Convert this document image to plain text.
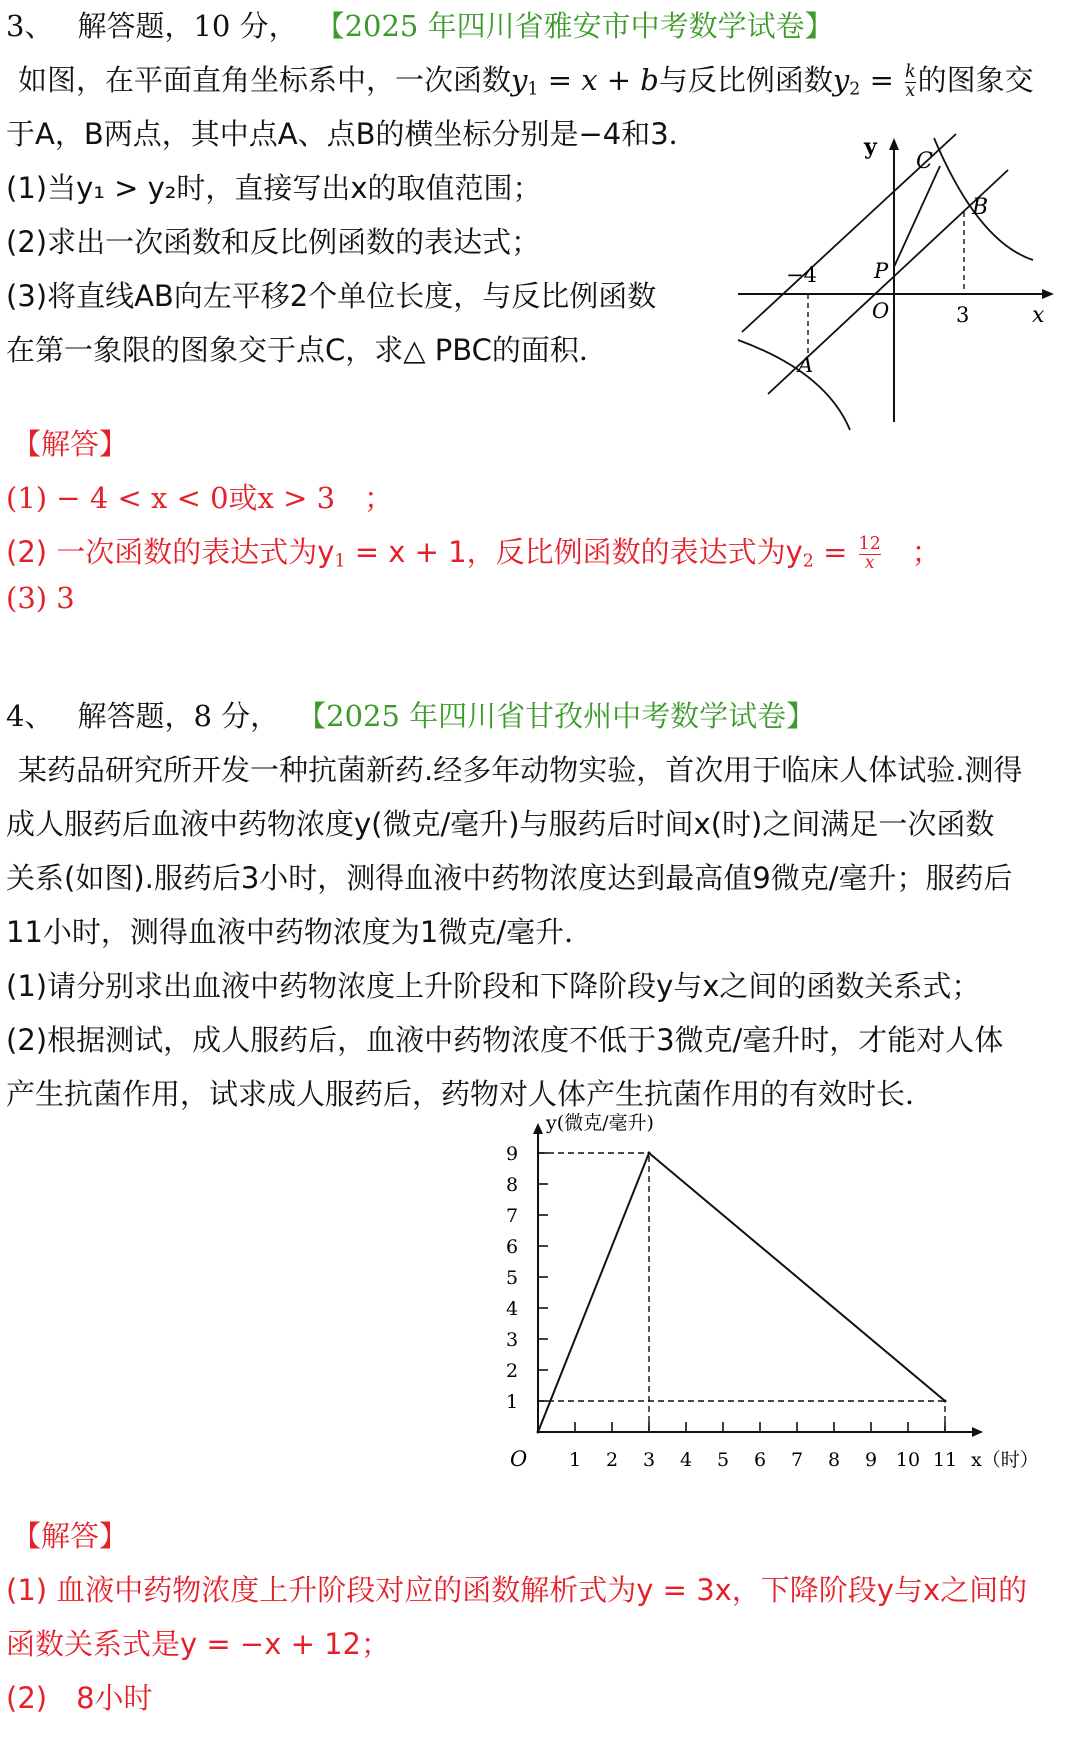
3、 解答题，10 分， 【2025 年四川省雅安市中考数学试卷】
如图，在平面直角坐标系中，一次函数$y_1 = x + b$与反比例函数$y_2 = \frac{k}{x}$ 的图象交
于A，B两点，其中点A、点B的横坐标分别是−4和3．
(1)当y₁ > y₂时，直接写出x的取值范围；
(2)求出一次函数和反比例函数的表达式；
(3)将直线AB向左平移2个单位长度，与反比例函数
在第一象限的图象交于点C，求△ PBC的面积．
y
x
O
C
B
P
A
−4
3
【解答】
(1) − 4 < x < 0或x > 3　；
(2) 一次函数的表达式为$y_1 = x + 1$，反比例函数的表达式为$y_2 = \frac{12}{x}$ 　；
(3) 3
4、 解答题，8 分， 【2025 年四川省甘孜州中考数学试卷】
某药品研究所开发一种抗菌新药.经多年动物实验，首次用于临床人体试验.测得
成人服药后血液中药物浓度y(微克/毫升)与服药后时间x(时)之间满足一次函数
关系(如图).服药后3小时，测得血液中药物浓度达到最高值9微克/毫升；服药后
11小时，测得血液中药物浓度为1微克/毫升．
(1)请分别求出血液中药物浓度上升阶段和下降阶段y与x之间的函数关系式；
(2)根据测试，成人服药后，血液中药物浓度不低于3微克/毫升时，才能对人体
产生抗菌作用，试求成人服药后，药物对人体产生抗菌作用的有效时长．
y(微克/毫升)
x（时）
O 1 2 3 4 5 6 7 8 9 10 11
1
2
3
4
5
6
7
8
9
【解答】
(1) 血液中药物浓度上升阶段对应的函数解析式为y = 3x，下降阶段y与x之间的
函数关系式是y = −x + 12；
(2)　8小时
